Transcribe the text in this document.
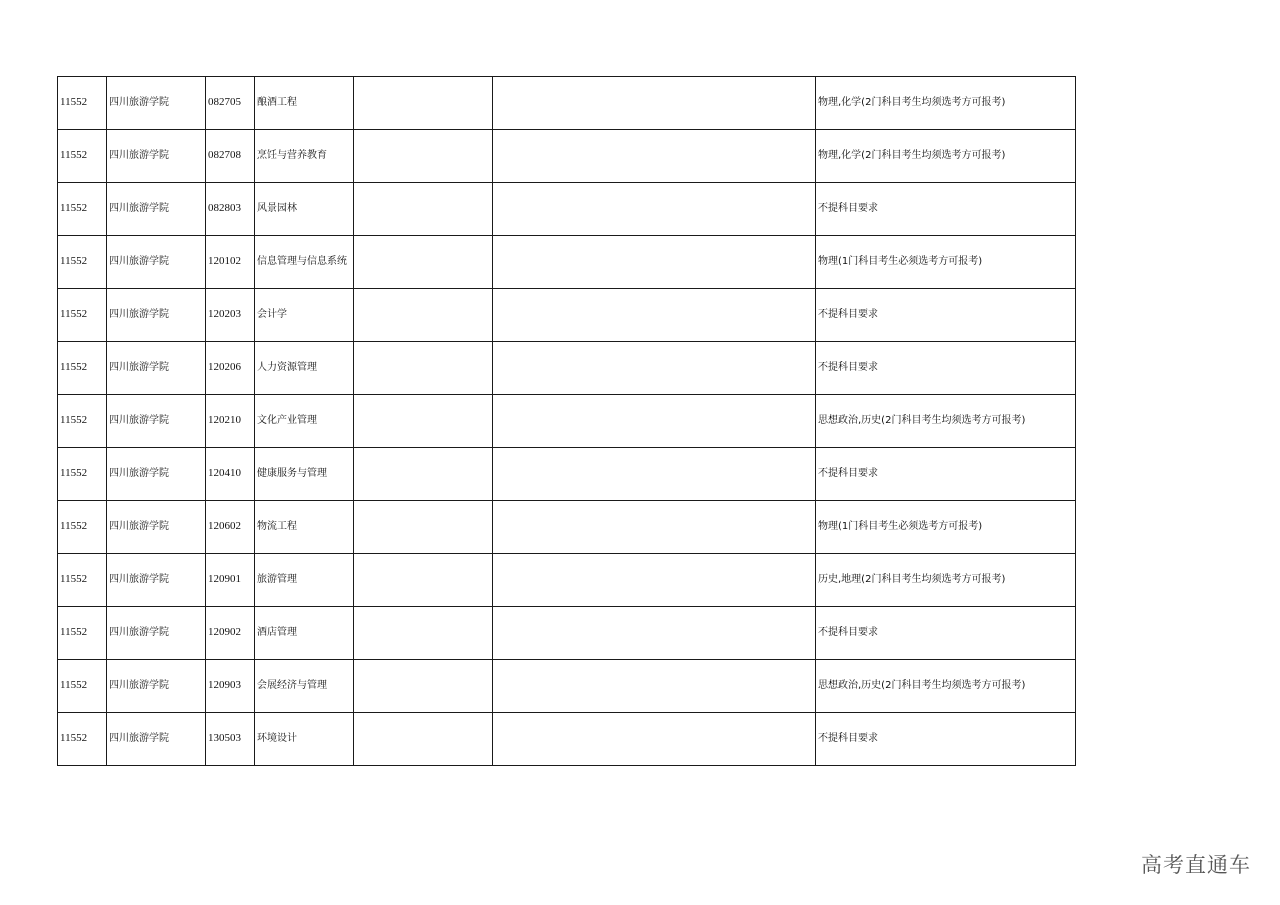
11552	四川旅游学院	082705	酿酒工程			物理,化学(2门科目考生均须选考方可报考)
11552	四川旅游学院	082708	烹饪与营养教育			物理,化学(2门科目考生均须选考方可报考)
11552	四川旅游学院	082803	风景园林			不提科目要求
11552	四川旅游学院	120102	信息管理与信息系统			物理(1门科目考生必须选考方可报考)
11552	四川旅游学院	120203	会计学			不提科目要求
11552	四川旅游学院	120206	人力资源管理			不提科目要求
11552	四川旅游学院	120210	文化产业管理			思想政治,历史(2门科目考生均须选考方可报考)
11552	四川旅游学院	120410	健康服务与管理			不提科目要求
11552	四川旅游学院	120602	物流工程			物理(1门科目考生必须选考方可报考)
11552	四川旅游学院	120901	旅游管理			历史,地理(2门科目考生均须选考方可报考)
11552	四川旅游学院	120902	酒店管理			不提科目要求
11552	四川旅游学院	120903	会展经济与管理			思想政治,历史(2门科目考生均须选考方可报考)
11552	四川旅游学院	130503	环境设计			不提科目要求
高考直通车
